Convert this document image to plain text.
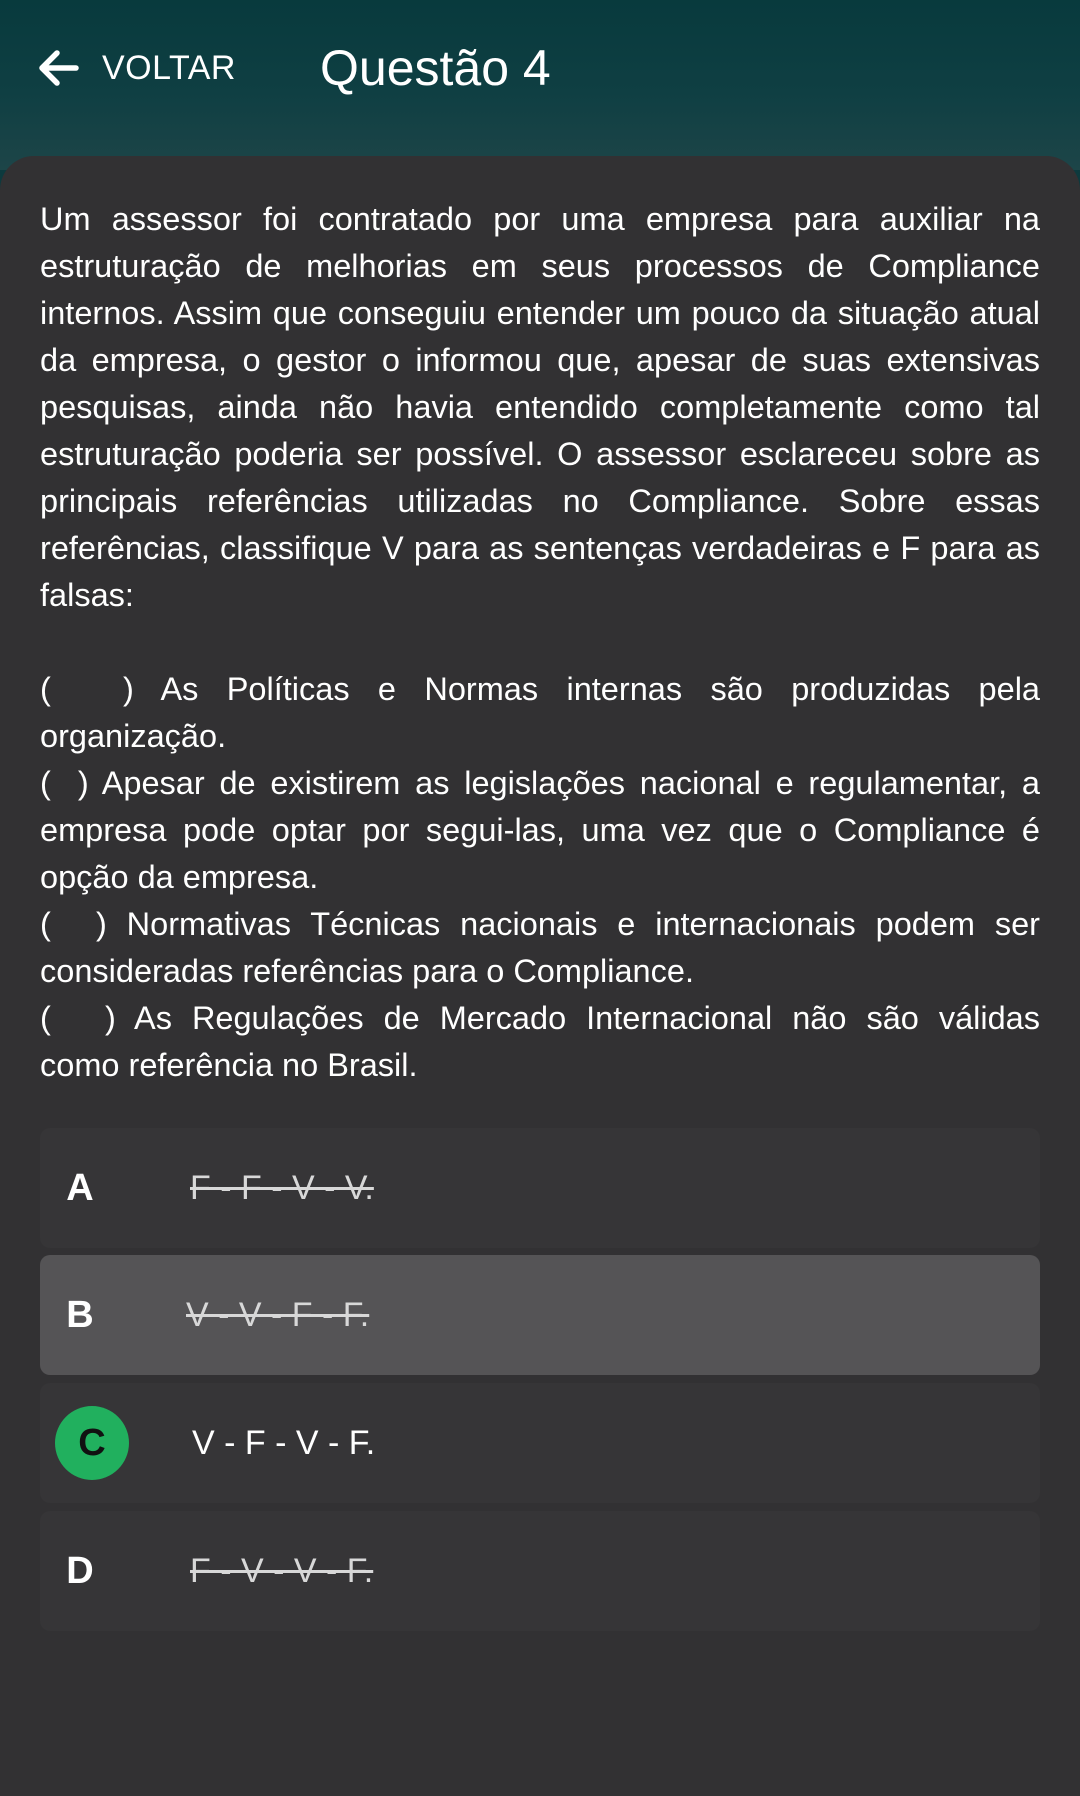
VOLTAR Questão 4

Um assessor foi contratado por uma empresa para auxiliar na estruturação de melhorias em seus processos de Compliance internos. Assim que conseguiu entender um pouco da situação atual da empresa, o gestor o informou que, apesar de suas extensivas pesquisas, ainda não havia entendido completamente como tal estruturação poderia ser possível. O assessor esclareceu sobre as principais referências utilizadas no Compliance. Sobre essas referências, classifique V para as sentenças verdadeiras e F para as falsas:

(        ) As Políticas e Normas internas são produzidas pela organização.

(   ) Apesar de existirem as legislações nacional e regulamentar, a empresa pode optar por segui-las, uma vez que o Compliance é opção da empresa.

(     ) Normativas Técnicas nacionais e internacionais podem ser consideradas referências para o Compliance.

(      ) As Regulações de Mercado Internacional não são válidas como referência no Brasil.

A	F - F - V - V.
B	V - V - F - F.
C	V - F - V - F.
D	F - V - V - F.
